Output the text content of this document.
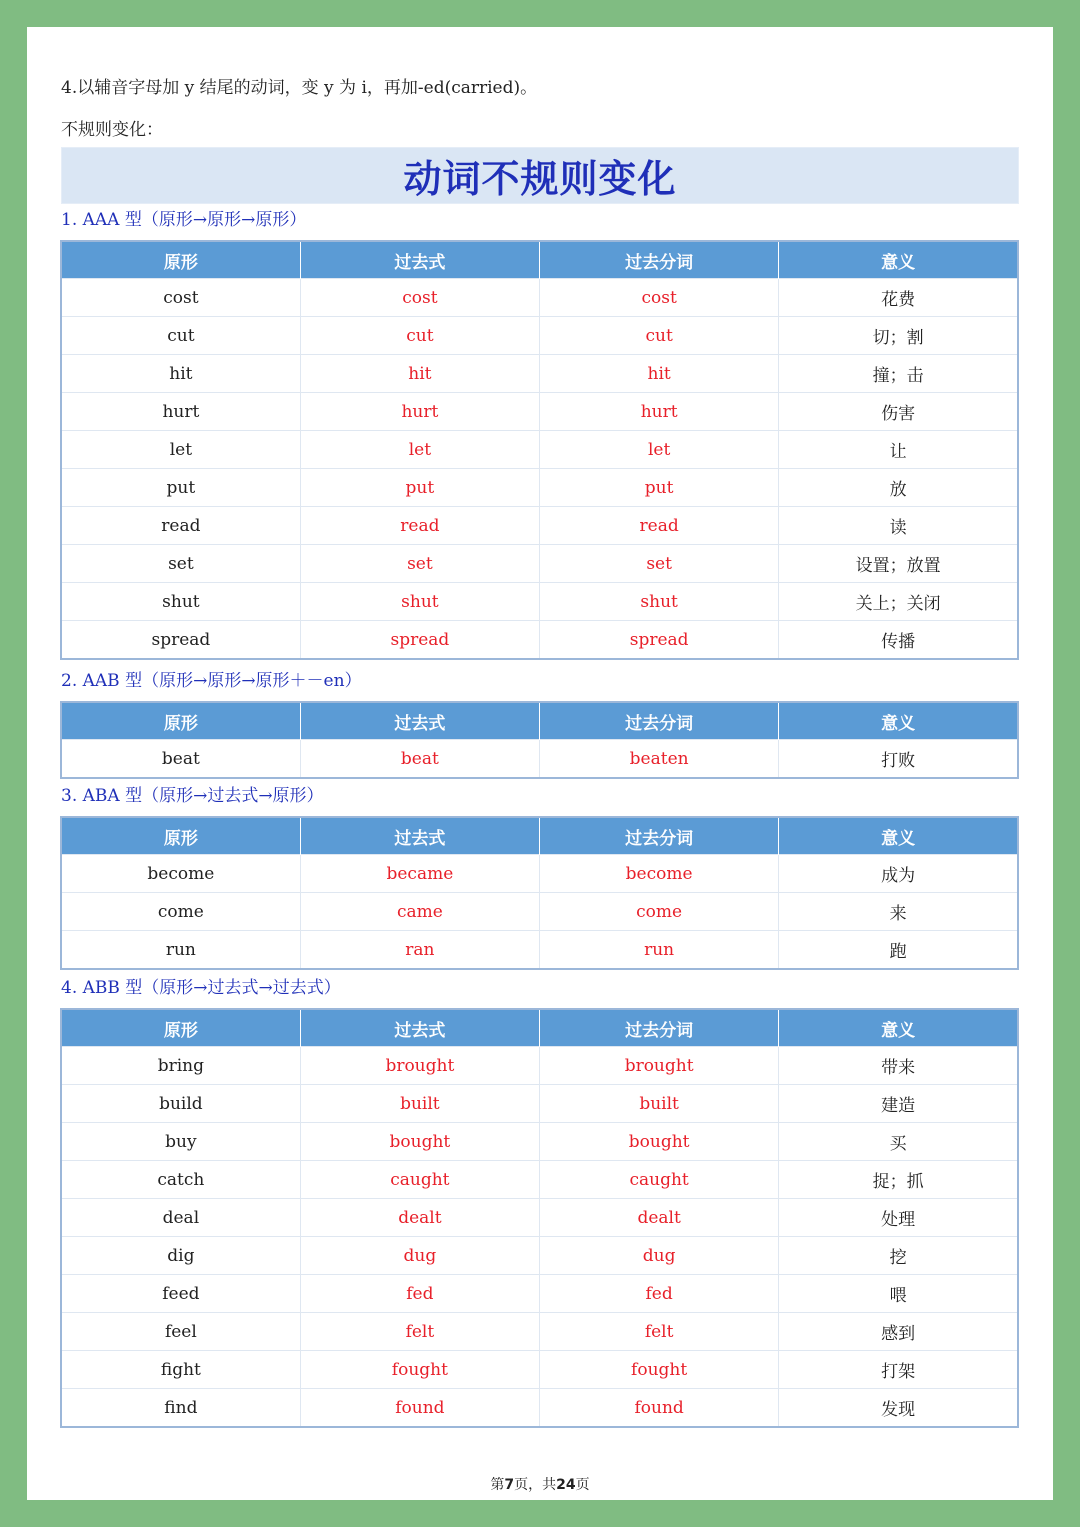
4.以辅音字母加 y 结尾的动词，变 y 为 i，再加-ed(carried)。
不规则变化：
动词不规则变化
1. AAA 型（原形→原形→原形）
原形	过去式	过去分词	意义
cost	cost	cost	花费
cut	cut	cut	切；割
hit	hit	hit	撞；击
hurt	hurt	hurt	伤害
let	let	let	让
put	put	put	放
read	read	read	读
set	set	set	设置；放置
shut	shut	shut	关上；关闭
spread	spread	spread	传播
2. AAB 型（原形→原形→原形＋－en）
原形	过去式	过去分词	意义
beat	beat	beaten	打败
3. ABA 型（原形→过去式→原形）
原形	过去式	过去分词	意义
become	became	become	成为
come	came	come	来
run	ran	run	跑
4. ABB 型（原形→过去式→过去式）
原形	过去式	过去分词	意义
bring	brought	brought	带来
build	built	built	建造
buy	bought	bought	买
catch	caught	caught	捉；抓
deal	dealt	dealt	处理
dig	dug	dug	挖
feed	fed	fed	喂
feel	felt	felt	感到
fight	fought	fought	打架
find	found	found	发现
第7页，共24页
